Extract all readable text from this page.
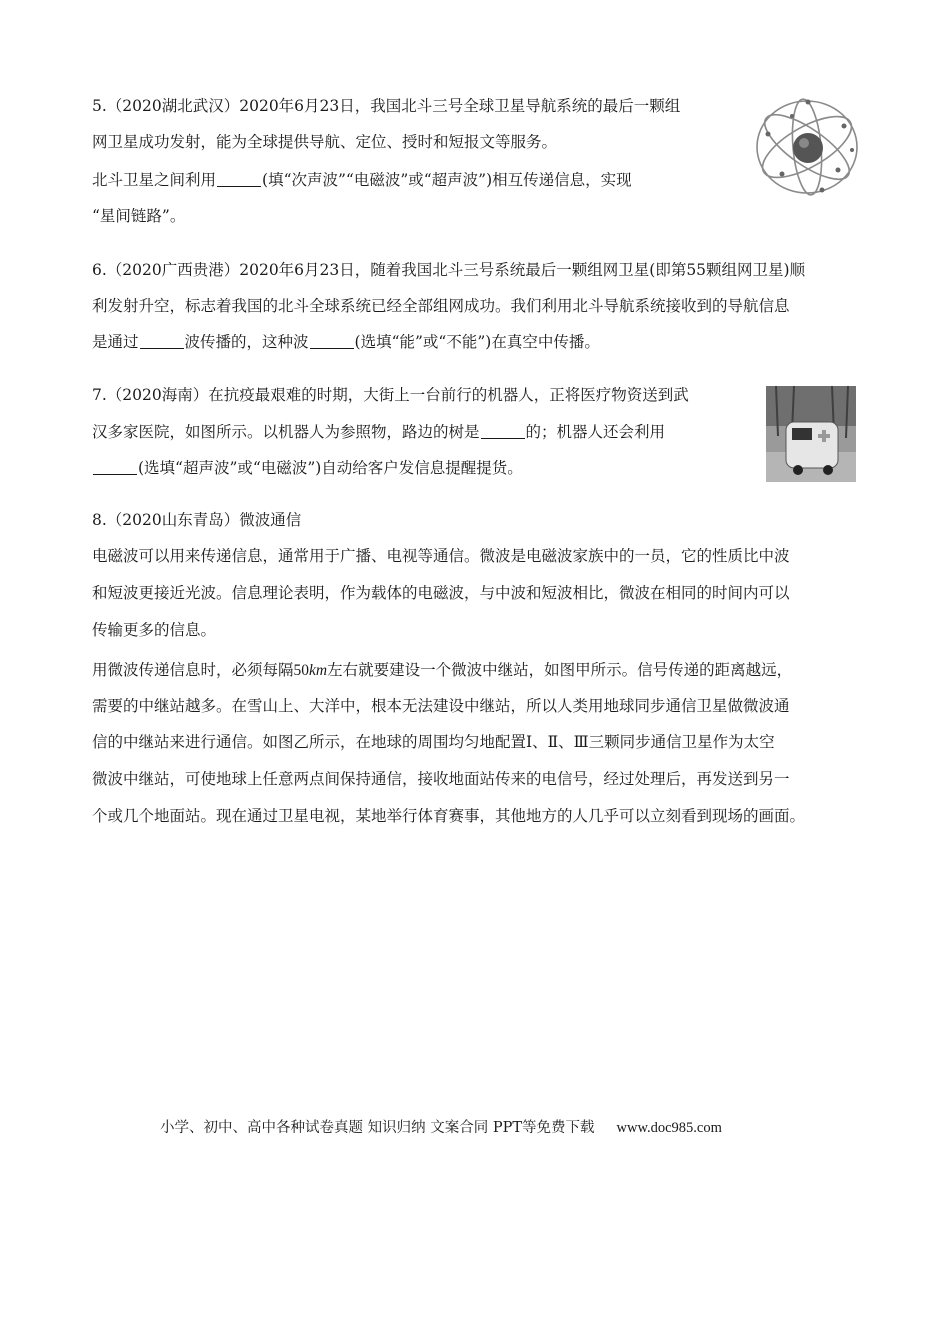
5.（2020湖北武汉）2020年6月23日，我国北斗三号全球卫星导航系统的最后一颗组
网卫星成功发射，能为全球提供导航、定位、授时和短报文等服务。
北斗卫星之间利用	(填“次声波”“电磁波”或“超声波”)相互传递信息，实现
“星间链路”。
6.（2020广西贵港）2020年6月23日，随着我国北斗三号系统最后一颗组网卫星(即第55颗组网卫星)顺
利发射升空，标志着我国的北斗全球系统已经全部组网成功。我们利用北斗导航系统接收到的导航信息
是通过	波传播的，这种波	(选填“能”或“不能”)在真空中传播。
7.（2020海南）在抗疫最艰难的时期，大街上一台前行的机器人，正将医疗物资送到武
汉多家医院，如图所示。以机器人为参照物，路边的树是	的；机器人还会利用
(选填“超声波”或“电磁波”)自动给客户发信息提醒提货。
8.（2020山东青岛）微波通信
电磁波可以用来传递信息，通常用于广播、电视等通信。微波是电磁波家族中的一员，它的性质比中波
和短波更接近光波。信息理论表明，作为载体的电磁波，与中波和短波相比，微波在相同的时间内可以
传输更多的信息。
用微波传递信息时，必须每隔50km左右就要建设一个微波中继站，如图甲所示。信号传递的距离越远，
需要的中继站越多。在雪山上、大洋中，根本无法建设中继站，所以人类用地球同步通信卫星做微波通
信的中继站来进行通信。如图乙所示，在地球的周围均匀地配置Ⅰ、Ⅱ、Ⅲ三颗同步通信卫星作为太空
微波中继站，可使地球上任意两点间保持通信，接收地面站传来的电信号，经过处理后，再发送到另一
个或几个地面站。现在通过卫星电视，某地举行体育赛事，其他地方的人几乎可以立刻看到现场的画面。
小学、初中、高中各种试卷真题 知识归纳 文案合同 PPT等免费下载 www.doc985.com
